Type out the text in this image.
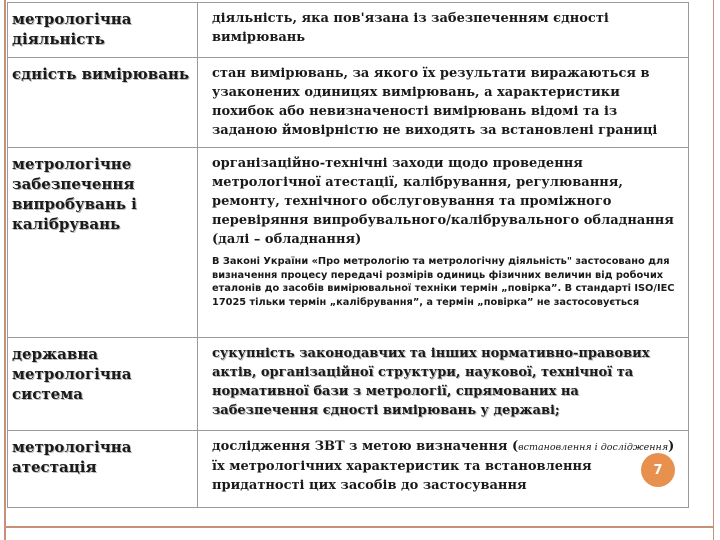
метрологічна діяльність	діяльність, яка пов'язана із забезпеченням єдності вимірювань
єдність вимірювань	стан вимірювань, за якого їх результати виражаються в узаконених одиницях вимірювань, а характеристики похибок або невизначеності вимірювань відомі та із заданою ймовірністю не виходять за встановлені границі
метрологічне забезпечення випробувань і калібрувань	організаційно-технічні заходи щодо проведення метрологічної атестації, калібрування, регулювання, ремонту, технічного обслуговування та проміжного перевіряння випробувального/калібрувального обладнання (далі – обладнання)
В Законі України «Про метрологію та метрологічну діяльність" застосовано для визначення процесу передачі розмірів одиниць фізичних величин від робочих еталонів до засобів вимірювальної техніки термін „повірка”. В стандарті ISO/IEC 17025 тільки термін „калібрування”, а термін „повірка” не застосовується

державна метрологічна система	сукупність законодавчих та інших нормативно-правових актів, організаційної структури, наукової, технічної та нормативної бази з метрології, спрямованих на забезпечення єдності вимірювань у державі;
метрологічна атестація	дослідження ЗВТ з метою визначення (встановлення і дослідження) їх метрологічних характеристик та встановлення придатності цих засобів до застосування
7
